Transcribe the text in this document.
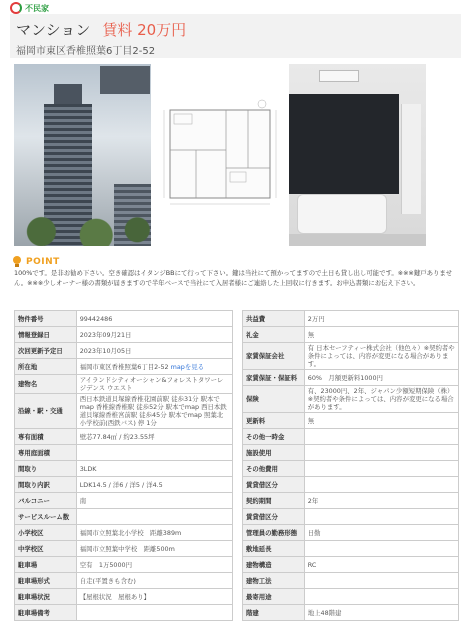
不民家
マンション 賃料 20万円
福岡市東区香椎照葉6丁目2-52
POINT
100%です。是非お勧め下さい。空き確認はイタンジBBにて行って下さい。鍵は当社にて預かってますので土日も貸し出し可能です。※※※鍵戸ありません。※※※少しオーナー様の書類が届きますので半年ベースで当社にて入居者様にご連絡した上回収に行きます。お申込書類にお伝え下さい。
物件番号	99442486
情報登録日	2023年09月21日
次回更新予定日	2023年10月05日
所在地	福岡市東区香椎照葉6丁目2-52 mapを見る
建物名	アイランドシティオーシャン&フォレストタワーレジデンス ウエスト
沿線・駅・交通	西日本鉄道貝塚線香椎花園前駅 徒歩31分 駅本でmap 香椎線香椎駅 徒歩52分 駅本でmap 西日本鉄道貝塚線香椎宮前駅 徒歩45分 駅本でmap 照葉北小学校前(西鉄バス) 停 1分
専有面積	壁芯77.84㎡ / 約23.55坪
専用庭面積	
間取り	3LDK
間取り内訳	LDK14.5 / 洋6 / 洋5 / 洋4.5
バルコニー	南
サービスルーム数	
小学校区	福岡市立照葉北小学校　距離389m
中学校区	福岡市立照葉中学校　距離500m
駐車場	空有　1万5000円
駐車場形式	自走(平置きも含む)
駐車場状況	【屋根状況　屋根あり】
駐車場備考	
共益費	2万円
礼金	無
家賃保証会社	有 日本セーフティー株式会社（他色々）※契約者や条件によっては、内容が変更になる場合があります。
家賃保証・保証料	60%　月額更新料1000円
保険	有、23000円、2年、ジャパン少額短期保険（株）※契約者や条件によっては、内容が変更になる場合があります。
更新料	無
その他一時金	
施設使用	
その他費用	
賃貸借区分	
契約期間	2年
賃貸借区分	
管理員の勤務形態	日勤
敷地延長	
建物構造	RC
建物工法	
最寄用途	
階建	地上48階建
